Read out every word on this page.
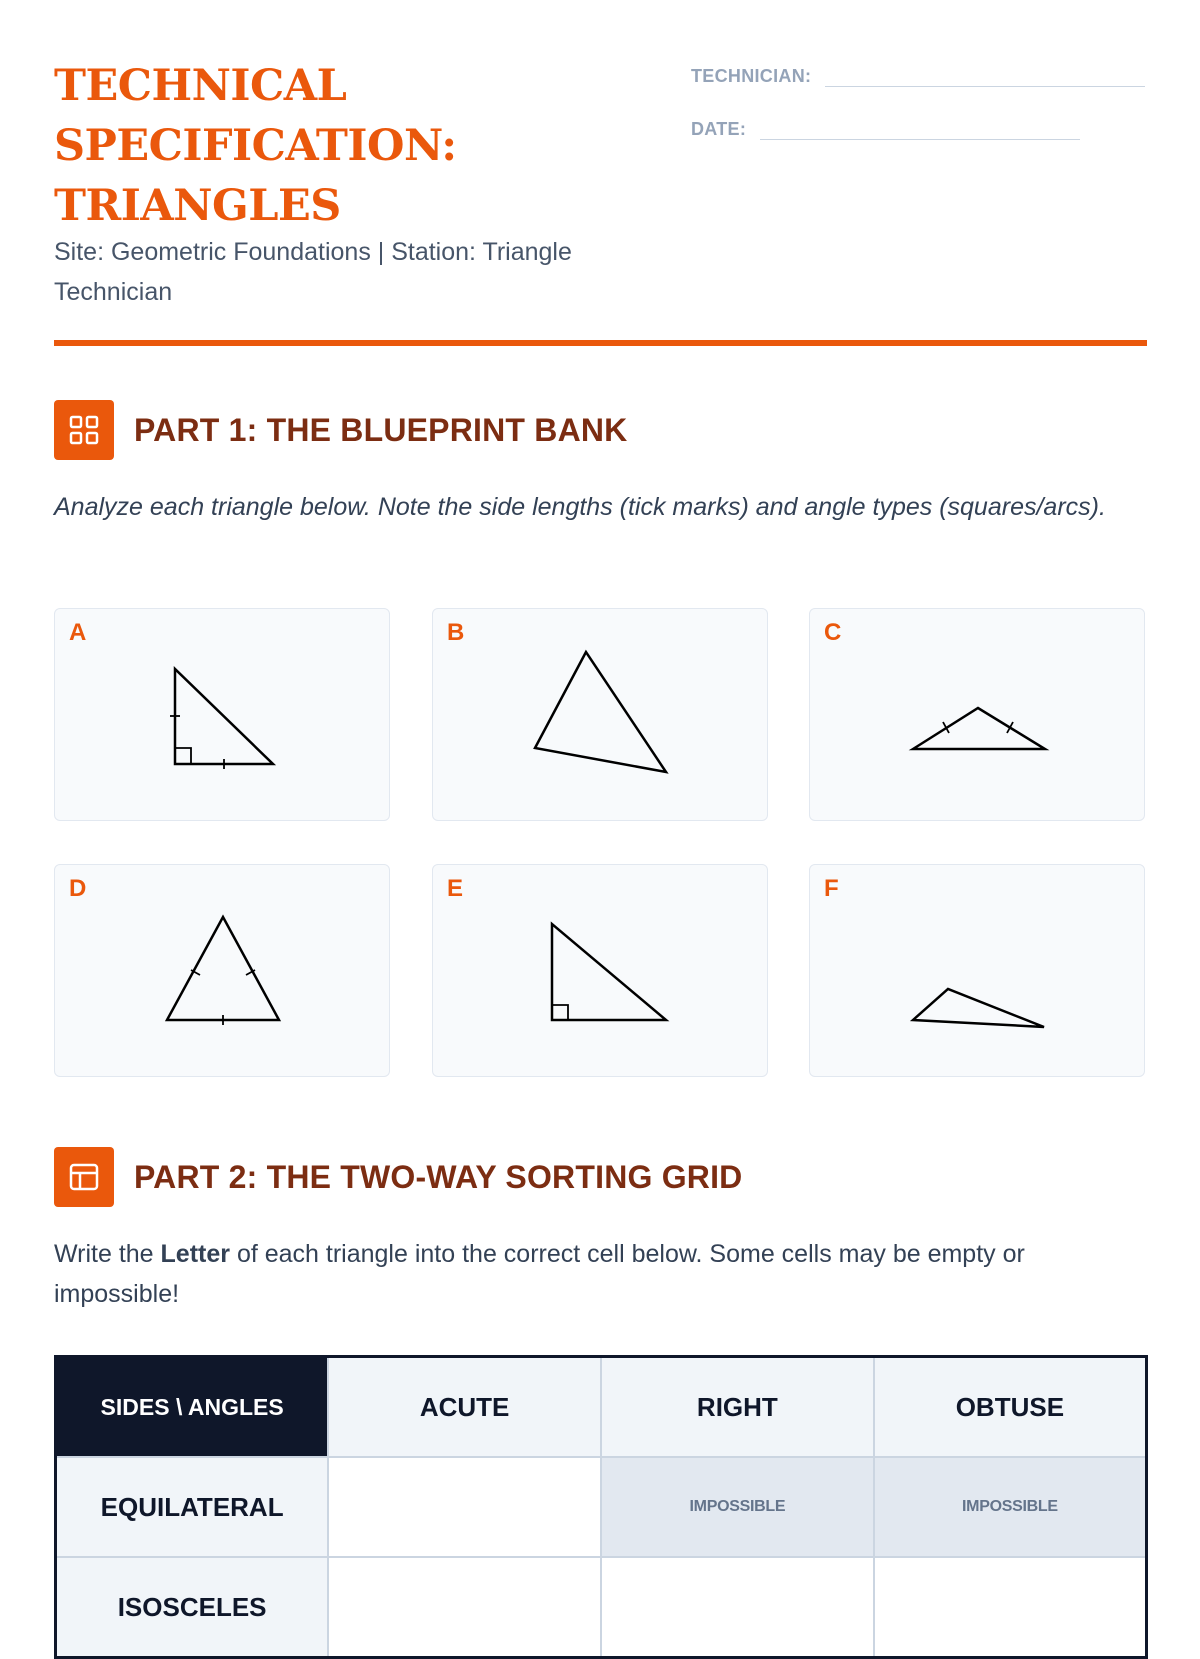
TECHNICAL
SPECIFICATION:
TRIANGLES
Site: Geometric Foundations | Station: Triangle Technician
TECHNICIAN:
DATE:
PART 1: THE BLUEPRINT BANK
Analyze each triangle below. Note the side lengths (tick marks) and angle types (squares/arcs).
A	B	C
D	E	F
PART 2: THE TWO-WAY SORTING GRID
Write the Letter of each triangle into the correct cell below. Some cells may be empty or impossible!
SIDES \ ANGLES	ACUTE	RIGHT	OBTUSE
EQUILATERAL		IMPOSSIBLE	IMPOSSIBLE
ISOSCELES			
